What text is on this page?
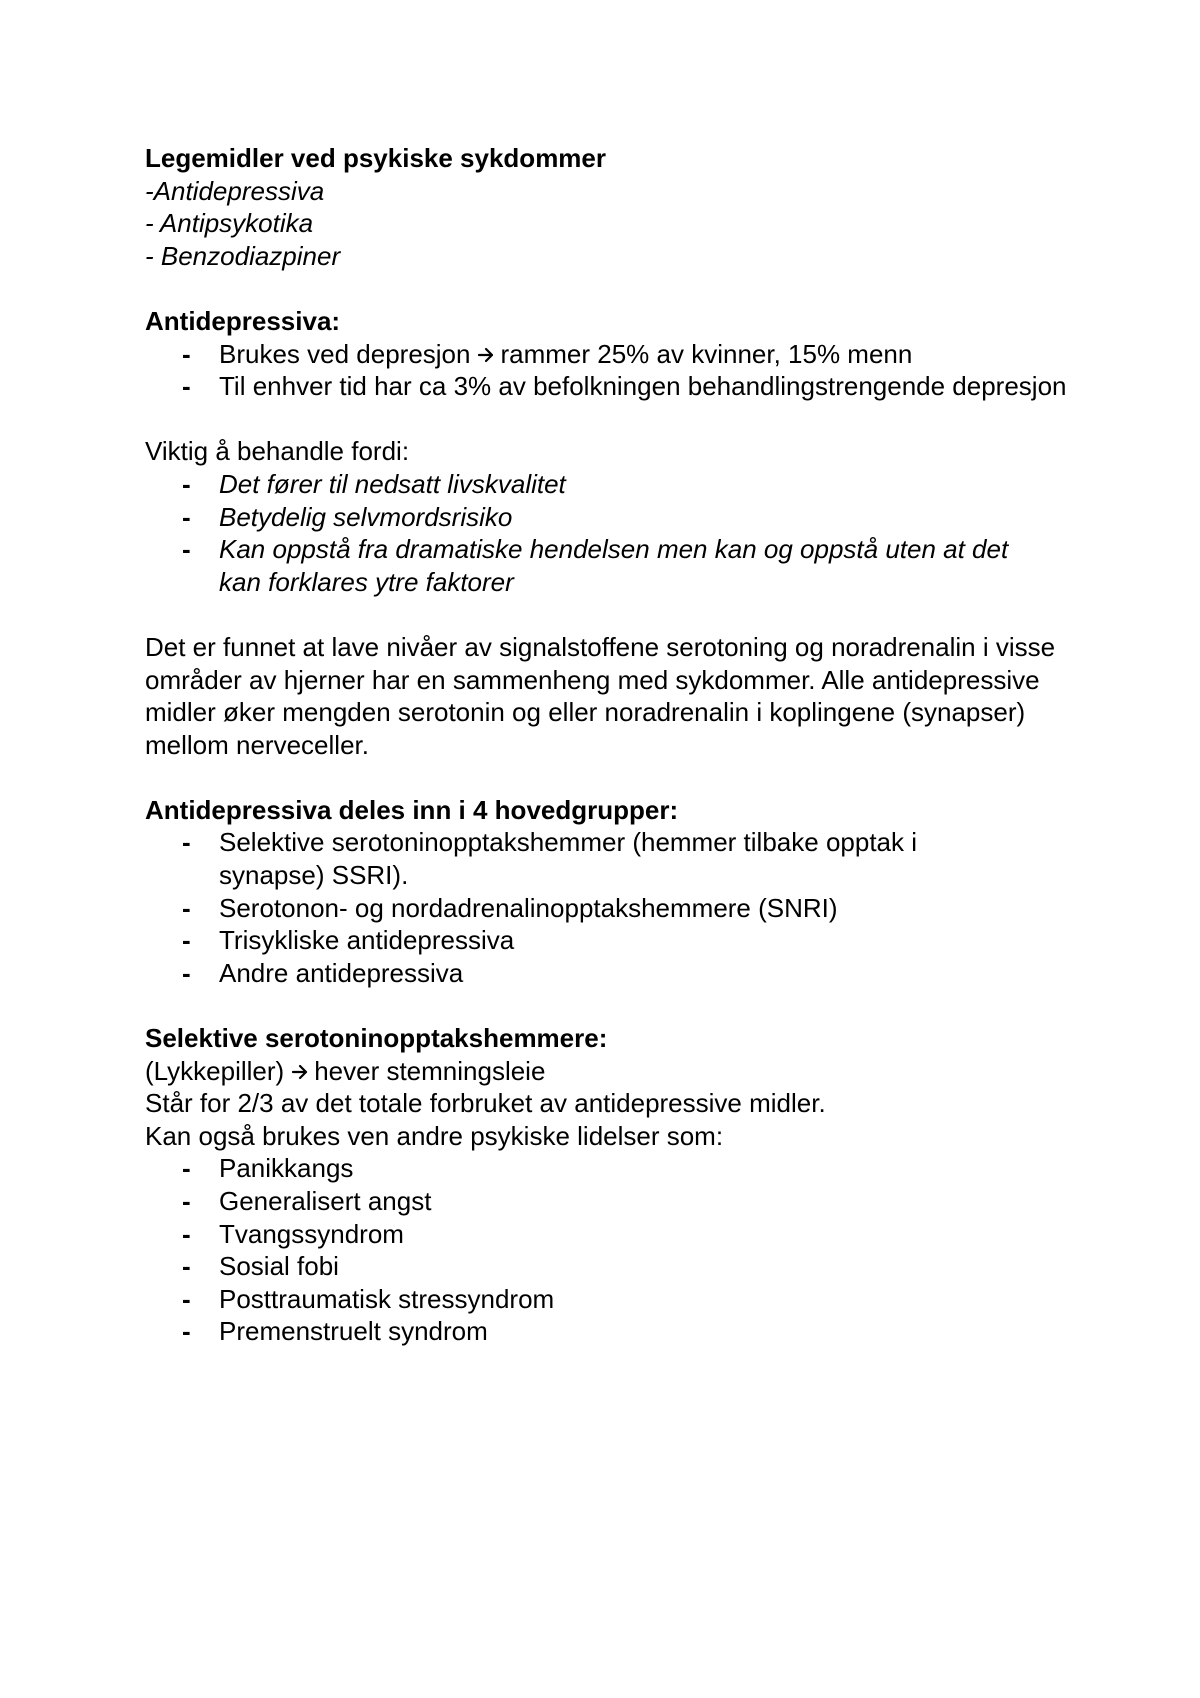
Legemidler ved psykiske sykdommer
-Antidepressiva
- Antipsykotika
- Benzodiazpiner
Antidepressiva:
- Brukes ved depresjon rammer 25% av kvinner, 15% menn
- Til enhver tid har ca 3% av befolkningen behandlingstrengende depresjon
Viktig å behandle fordi:
- Det fører til nedsatt livskvalitet
- Betydelig selvmordsrisiko
- Kan oppstå fra dramatiske hendelsen men kan og oppstå uten at det kan forklares ytre faktorer

Det er funnet at lave nivåer av signalstoffene serotoning og noradrenalin i visse områder av hjerner har en sammenheng med sykdommer. Alle antidepressive midler øker mengden serotonin og eller noradrenalin i koplingene (synapser) mellom nerveceller.

Antidepressiva deles inn i 4 hovedgrupper:
- Selektive serotoninopptakshemmer (hemmer tilbake opptak i synapse) SSRI).
- Serotonon- og nordadrenalinopptakshemmere (SNRI)
- Trisykliske antidepressiva
- Andre antidepressiva
Selektive serotoninopptakshemmere:
(Lykkepiller) hever stemningsleie
Står for 2/3 av det totale forbruket av antidepressive midler.
Kan også brukes ven andre psykiske lidelser som:
- Panikkangs
- Generalisert angst
- Tvangssyndrom
- Sosial fobi
- Posttraumatisk stressyndrom
- Premenstruelt syndrom
